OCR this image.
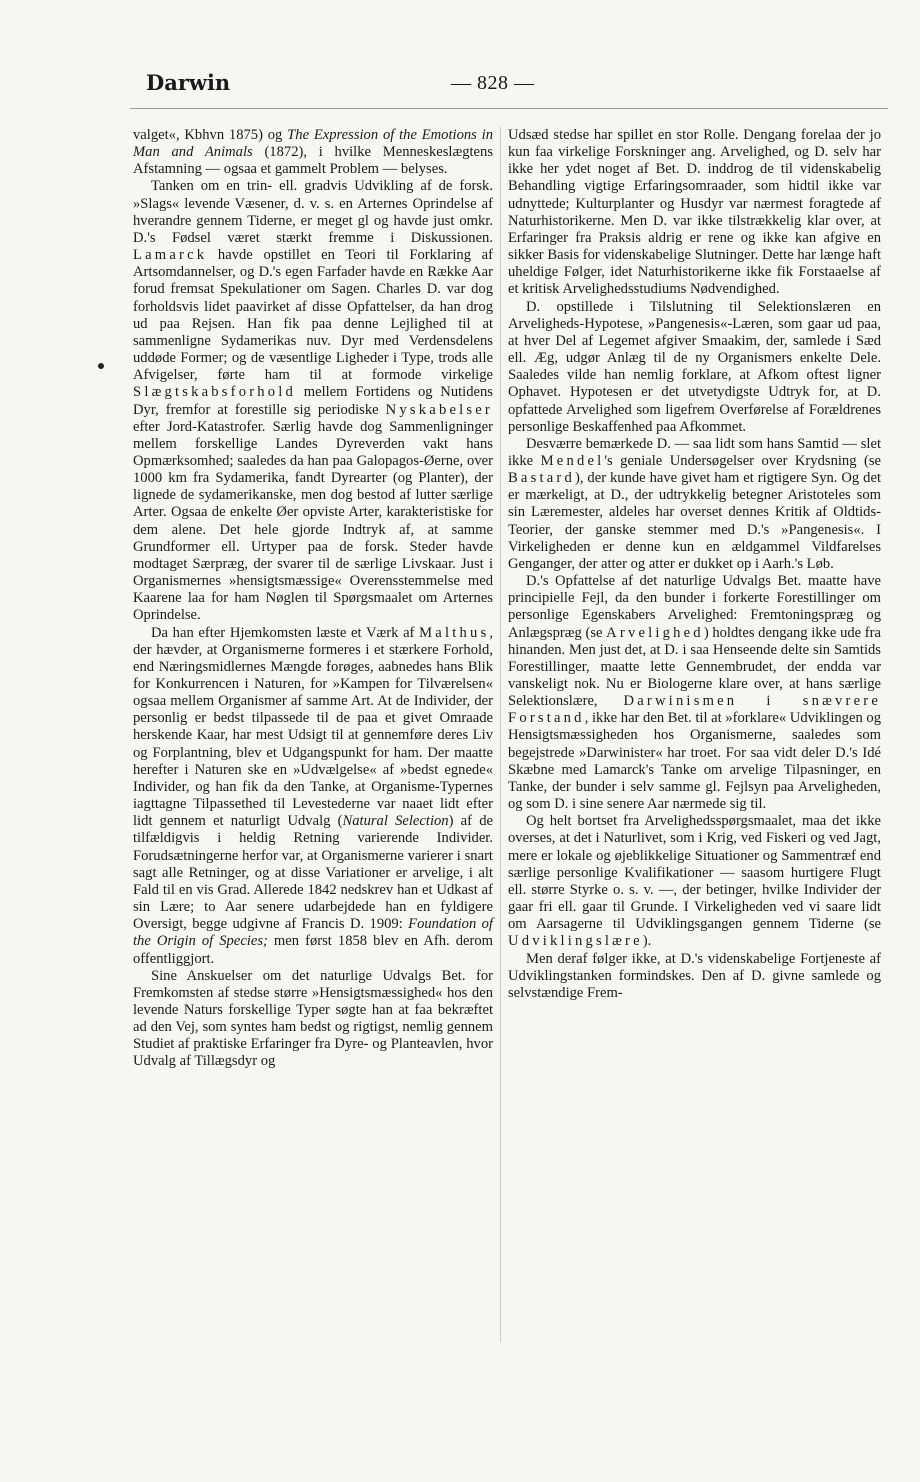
Darwin	— 828 —

valget«, Kbhvn 1875) og The Expression of the Emotions in Man and Animals (1872), i hvilke Menneskeslægtens Afstamning — ogsaa et gammelt Problem — belyses.

Tanken om en trin- ell. gradvis Udvikling af de forsk. »Slags« levende Væsener, d. v. s. en Arternes Oprindelse af hverandre gennem Tiderne, er meget gl og havde just omkr. D.'s Fødsel været stærkt fremme i Diskussionen. Lamarck havde opstillet en Teori til Forklaring af Artsomdannelser, og D.'s egen Farfader havde en Række Aar forud fremsat Spekulationer om Sagen. Charles D. var dog forholdsvis lidet paavirket af disse Opfattelser, da han drog ud paa Rejsen. Han fik paa denne Lejlighed til at sammenligne Sydamerikas nuv. Dyr med Verdensdelens uddøde Former; og de væsentlige Ligheder i Type, trods alle Afvigelser, førte ham til at formode virkelige Slægtskabsforhold mellem Fortidens og Nutidens Dyr, fremfor at forestille sig periodiske Nyskabelser efter Jord-Katastrofer. Særlig havde dog Sammenligninger mellem forskellige Landes Dyreverden vakt hans Opmærksomhed; saaledes da han paa Galopagos-Øerne, over 1000 km fra Sydamerika, fandt Dyrearter (og Planter), der lignede de sydamerikanske, men dog bestod af lutter særlige Arter. Ogsaa de enkelte Øer opviste Arter, karakteristiske for dem alene. Det hele gjorde Indtryk af, at samme Grundformer ell. Urtyper paa de forsk. Steder havde modtaget Særpræg, der svarer til de særlige Livskaar. Just i Organismernes »hensigtsmæssige« Overensstemmelse med Kaarene laa for ham Nøglen til Spørgsmaalet om Arternes Oprindelse.

Da han efter Hjemkomsten læste et Værk af Malthus, der hævder, at Organismerne formeres i et stærkere Forhold, end Næringsmidlernes Mængde forøges, aabnedes hans Blik for Konkurrencen i Naturen, for »Kampen for Tilværelsen« ogsaa mellem Organismer af samme Art. At de Individer, der personlig er bedst tilpassede til de paa et givet Omraade herskende Kaar, har mest Udsigt til at gennemføre deres Liv og Forplantning, blev et Udgangspunkt for ham. Der maatte herefter i Naturen ske en »Udvælgelse« af »bedst egnede« Individer, og han fik da den Tanke, at Organisme-Typernes iagttagne Tilpassethed til Levestederne var naaet lidt efter lidt gennem et naturligt Udvalg (Natural Selection) af de tilfældigvis i heldig Retning varierende Individer. Forudsætningerne herfor var, at Organismerne varierer i snart sagt alle Retninger, og at disse Variationer er arvelige, i alt Fald til en vis Grad. Allerede 1842 nedskrev han et Udkast af sin Lære; to Aar senere udarbejdede han en fyldigere Oversigt, begge udgivne af Francis D. 1909: Foundation of the Origin of Species; men først 1858 blev en Afh. derom offentliggjort.

Sine Anskuelser om det naturlige Udvalgs Bet. for Fremkomsten af stedse større »Hensigtsmæssighed« hos den levende Naturs forskellige Typer søgte han at faa bekræftet ad den Vej, som syntes ham bedst og rigtigst, nemlig gennem Studiet af praktiske Erfaringer fra Dyre- og Planteavlen, hvor Udvalg af Tillægsdyr og

Udsæd stedse har spillet en stor Rolle. Dengang forelaa der jo kun faa virkelige Forskninger ang. Arvelighed, og D. selv har ikke her ydet noget af Bet. D. inddrog de til videnskabelig Behandling vigtige Erfaringsomraader, som hidtil ikke var udnyttede; Kulturplanter og Husdyr var nærmest foragtede af Naturhistorikerne. Men D. var ikke tilstrækkelig klar over, at Erfaringer fra Praksis aldrig er rene og ikke kan afgive en sikker Basis for videnskabelige Slutninger. Dette har længe haft uheldige Følger, idet Naturhistorikerne ikke fik Forstaaelse af et kritisk Arvelighedsstudiums Nødvendighed.

D. opstillede i Tilslutning til Selektionslæren en Arveligheds-Hypotese, »Pangenesis«-Læren, som gaar ud paa, at hver Del af Legemet afgiver Smaakim, der, samlede i Sæd ell. Æg, udgør Anlæg til de ny Organismers enkelte Dele. Saaledes vilde han nemlig forklare, at Afkom oftest ligner Ophavet. Hypotesen er det utvetydigste Udtryk for, at D. opfattede Arvelighed som ligefrem Overførelse af Forældrenes personlige Beskaffenhed paa Afkommet.

Desværre bemærkede D. — saa lidt som hans Samtid — slet ikke Mendel's geniale Undersøgelser over Krydsning (se Bastard), der kunde have givet ham et rigtigere Syn. Og det er mærkeligt, at D., der udtrykkelig betegner Aristoteles som sin Læremester, aldeles har overset dennes Kritik af Oldtids-Teorier, der ganske stemmer med D.'s »Pangenesis«. I Virkeligheden er denne kun en ældgammel Vildfarelses Genganger, der atter og atter er dukket op i Aarh.'s Løb.

D.'s Opfattelse af det naturlige Udvalgs Bet. maatte have principielle Fejl, da den bunder i forkerte Forestillinger om personlige Egenskabers Arvelighed: Fremtoningspræg og Anlægspræg (se Arvelighed) holdtes dengang ikke ude fra hinanden. Men just det, at D. i saa Henseende delte sin Samtids Forestillinger, maatte lette Gennembrudet, der endda var vanskeligt nok. Nu er Biologerne klare over, at hans særlige Selektionslære, Darwinismen i snævrere Forstand, ikke har den Bet. til at »forklare« Udviklingen og Hensigtsmæssigheden hos Organismerne, saaledes som begejstrede »Darwinister« har troet. For saa vidt deler D.'s Idé Skæbne med Lamarck's Tanke om arvelige Tilpasninger, en Tanke, der bunder i selv samme gl. Fejlsyn paa Arveligheden, og som D. i sine senere Aar nærmede sig til.

Og helt bortset fra Arvelighedsspørgsmaalet, maa det ikke overses, at det i Naturlivet, som i Krig, ved Fiskeri og ved Jagt, mere er lokale og øjeblikkelige Situationer og Sammentræf end særlige personlige Kvalifikationer — saasom hurtigere Flugt ell. større Styrke o. s. v. —, der betinger, hvilke Individer der gaar fri ell. gaar til Grunde. I Virkeligheden ved vi saare lidt om Aarsagerne til Udviklingsgangen gennem Tiderne (se Udviklingslære).

Men deraf følger ikke, at D.'s videnskabelige Fortjeneste af Udviklingstanken formindskes. Den af D. givne samlede og selvstændige Frem-
